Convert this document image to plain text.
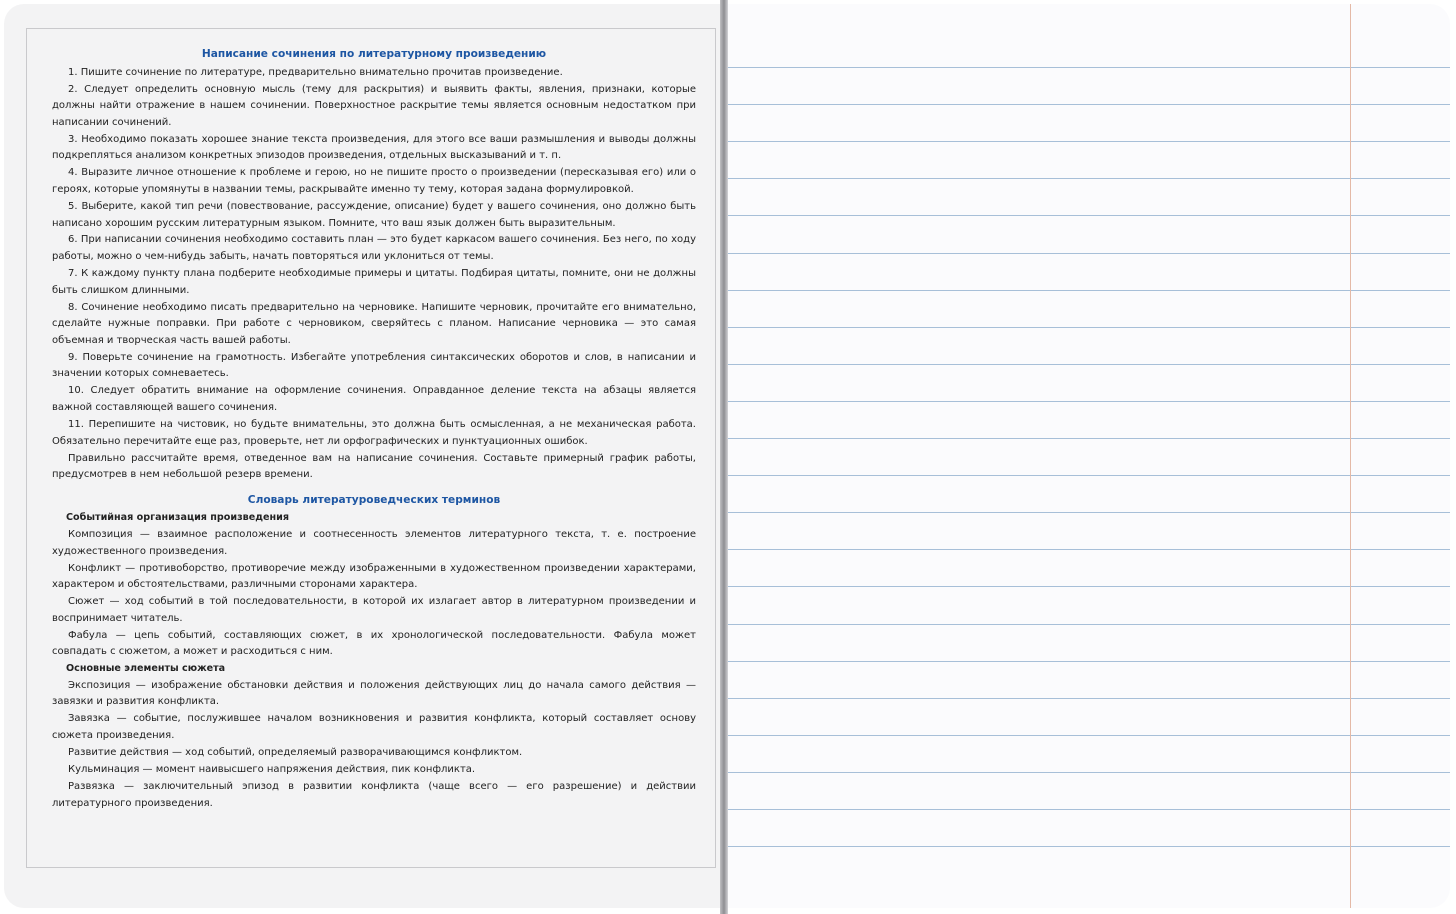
Написание сочинения по литературному произведению

1. Пишите сочинение по литературе, предварительно внимательно прочитав произведение.

2. Следует определить основную мысль (тему для раскрытия) и выявить факты, явления, признаки, которые должны найти отражение в нашем сочинении. Поверхностное раскрытие темы является основным недостатком при написании сочинений.

3. Необходимо показать хорошее знание текста произведения, для этого все ваши размышления и выводы должны подкрепляться анализом конкретных эпизодов произведения, отдельных высказываний и т. п.

4. Выразите личное отношение к проблеме и герою, но не пишите просто о произведении (пересказывая его) или о героях, которые упомянуты в названии темы, раскрывайте именно ту тему, которая задана формулировкой.

5. Выберите, какой тип речи (повествование, рассуждение, описание) будет у вашего сочинения, оно должно быть написано хорошим русским литературным языком. Помните, что ваш язык должен быть выразительным.

6. При написании сочинения необходимо составить план — это будет каркасом вашего сочинения. Без него, по ходу работы, можно о чем-нибудь забыть, начать повторяться или уклониться от темы.

7. К каждому пункту плана подберите необходимые примеры и цитаты. Подбирая цитаты, помните, они не должны быть слишком длинными.

8. Сочинение необходимо писать предварительно на черновике. Напишите черновик, прочитайте его внимательно, сделайте нужные поправки. При работе с черновиком, сверяйтесь с планом. Написание черновика — это самая объемная и творческая часть вашей работы.

9. Поверьте сочинение на грамотность. Избегайте употребления синтаксических оборотов и слов, в написании и значении которых сомневаетесь.

10. Следует обратить внимание на оформление сочинения. Оправданное деление текста на абзацы является важной составляющей вашего сочинения.

11. Перепишите на чистовик, но будьте внимательны, это должна быть осмысленная, а не механическая работа. Обязательно перечитайте еще раз, проверьте, нет ли орфографических и пунктуационных ошибок.

Правильно рассчитайте время, отведенное вам на написание сочинения. Составьте примерный график работы, предусмотрев в нем небольшой резерв времени.

Словарь литературоведческих терминов
Событийная организация произведения

Композиция — взаимное расположение и соотнесенность элементов литературного текста, т. е. построение художественного произведения.

Конфликт — противоборство, противоречие между изображенными в художественном произведении характерами, характером и обстоятельствами, различными сторонами характера.

Сюжет — ход событий в той последовательности, в которой их излагает автор в литературном произведении и воспринимает читатель.

Фабула — цепь событий, составляющих сюжет, в их хронологической последовательности. Фабула может совпадать с сюжетом, а может и расходиться с ним.

Основные элементы сюжета

Экспозиция — изображение обстановки действия и положения действующих лиц до начала самого действия — завязки и развития конфликта.

Завязка — событие, послужившее началом возникновения и развития конфликта, который составляет основу сюжета произведения.

Развитие действия — ход событий, определяемый разворачивающимся конфликтом.

Кульминация — момент наивысшего напряжения действия, пик конфликта.

Развязка — заключительный эпизод в развитии конфликта (чаще всего — его разрешение) и действии литературного произведения.
